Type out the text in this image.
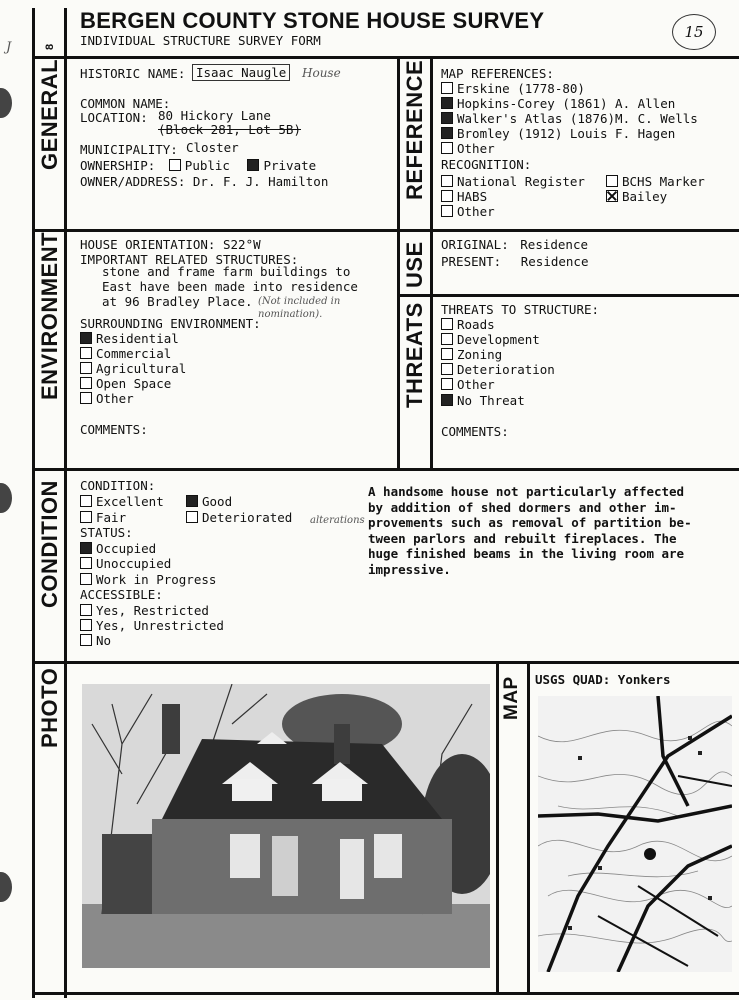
J
BERGEN COUNTY STONE HOUSE SURVEY
INDIVIDUAL STRUCTURE SURVEY FORM
8
15
GENERAL	REFERENCE
ENVIRONMENT	USE
THREATS
CONDITION
PHOTO	MAP
HISTORIC NAME: Isaac Naugle	House
COMMON NAME:
LOCATION: 80 Hickory Lane
(Block 281, Lot 5B)
MUNICIPALITY: Closter
OWNERSHIP: Public	Private
OWNER/ADDRESS: Dr. F. J. Hamilton
MAP REFERENCES:
Erskine (1778-80)
Hopkins-Corey (1861) A. Allen
Walker's Atlas (1876)M. C. Wells
Bromley (1912) Louis F. Hagen
Other
RECOGNITION:
National Register	BCHS Marker
HABS	Bailey
Other
HOUSE ORIENTATION: S22°W
IMPORTANT RELATED STRUCTURES:
stone and frame farm buildings to
East have been made into residence
at 96 Bradley Place. (Not included in nomination).
SURROUNDING ENVIRONMENT:
Residential
Commercial
Agricultural
Open Space
Other
COMMENTS:
ORIGINAL: Residence
PRESENT: Residence
THREATS TO STRUCTURE:
Roads
Development
Zoning
Deterioration
Other
No Threat
COMMENTS:
CONDITION:
Excellent	Good
Fair	Deteriorated alterations
STATUS:
Occupied
Unoccupied
Work in Progress
ACCESSIBLE:
Yes, Restricted
Yes, Unrestricted
No
A handsome house not particularly affected
by addition of shed dormers and other im-
provements such as removal of partition be-
tween parlors and rebuilt fireplaces. The
huge finished beams in the living room are
impressive.
USGS QUAD: Yonkers
